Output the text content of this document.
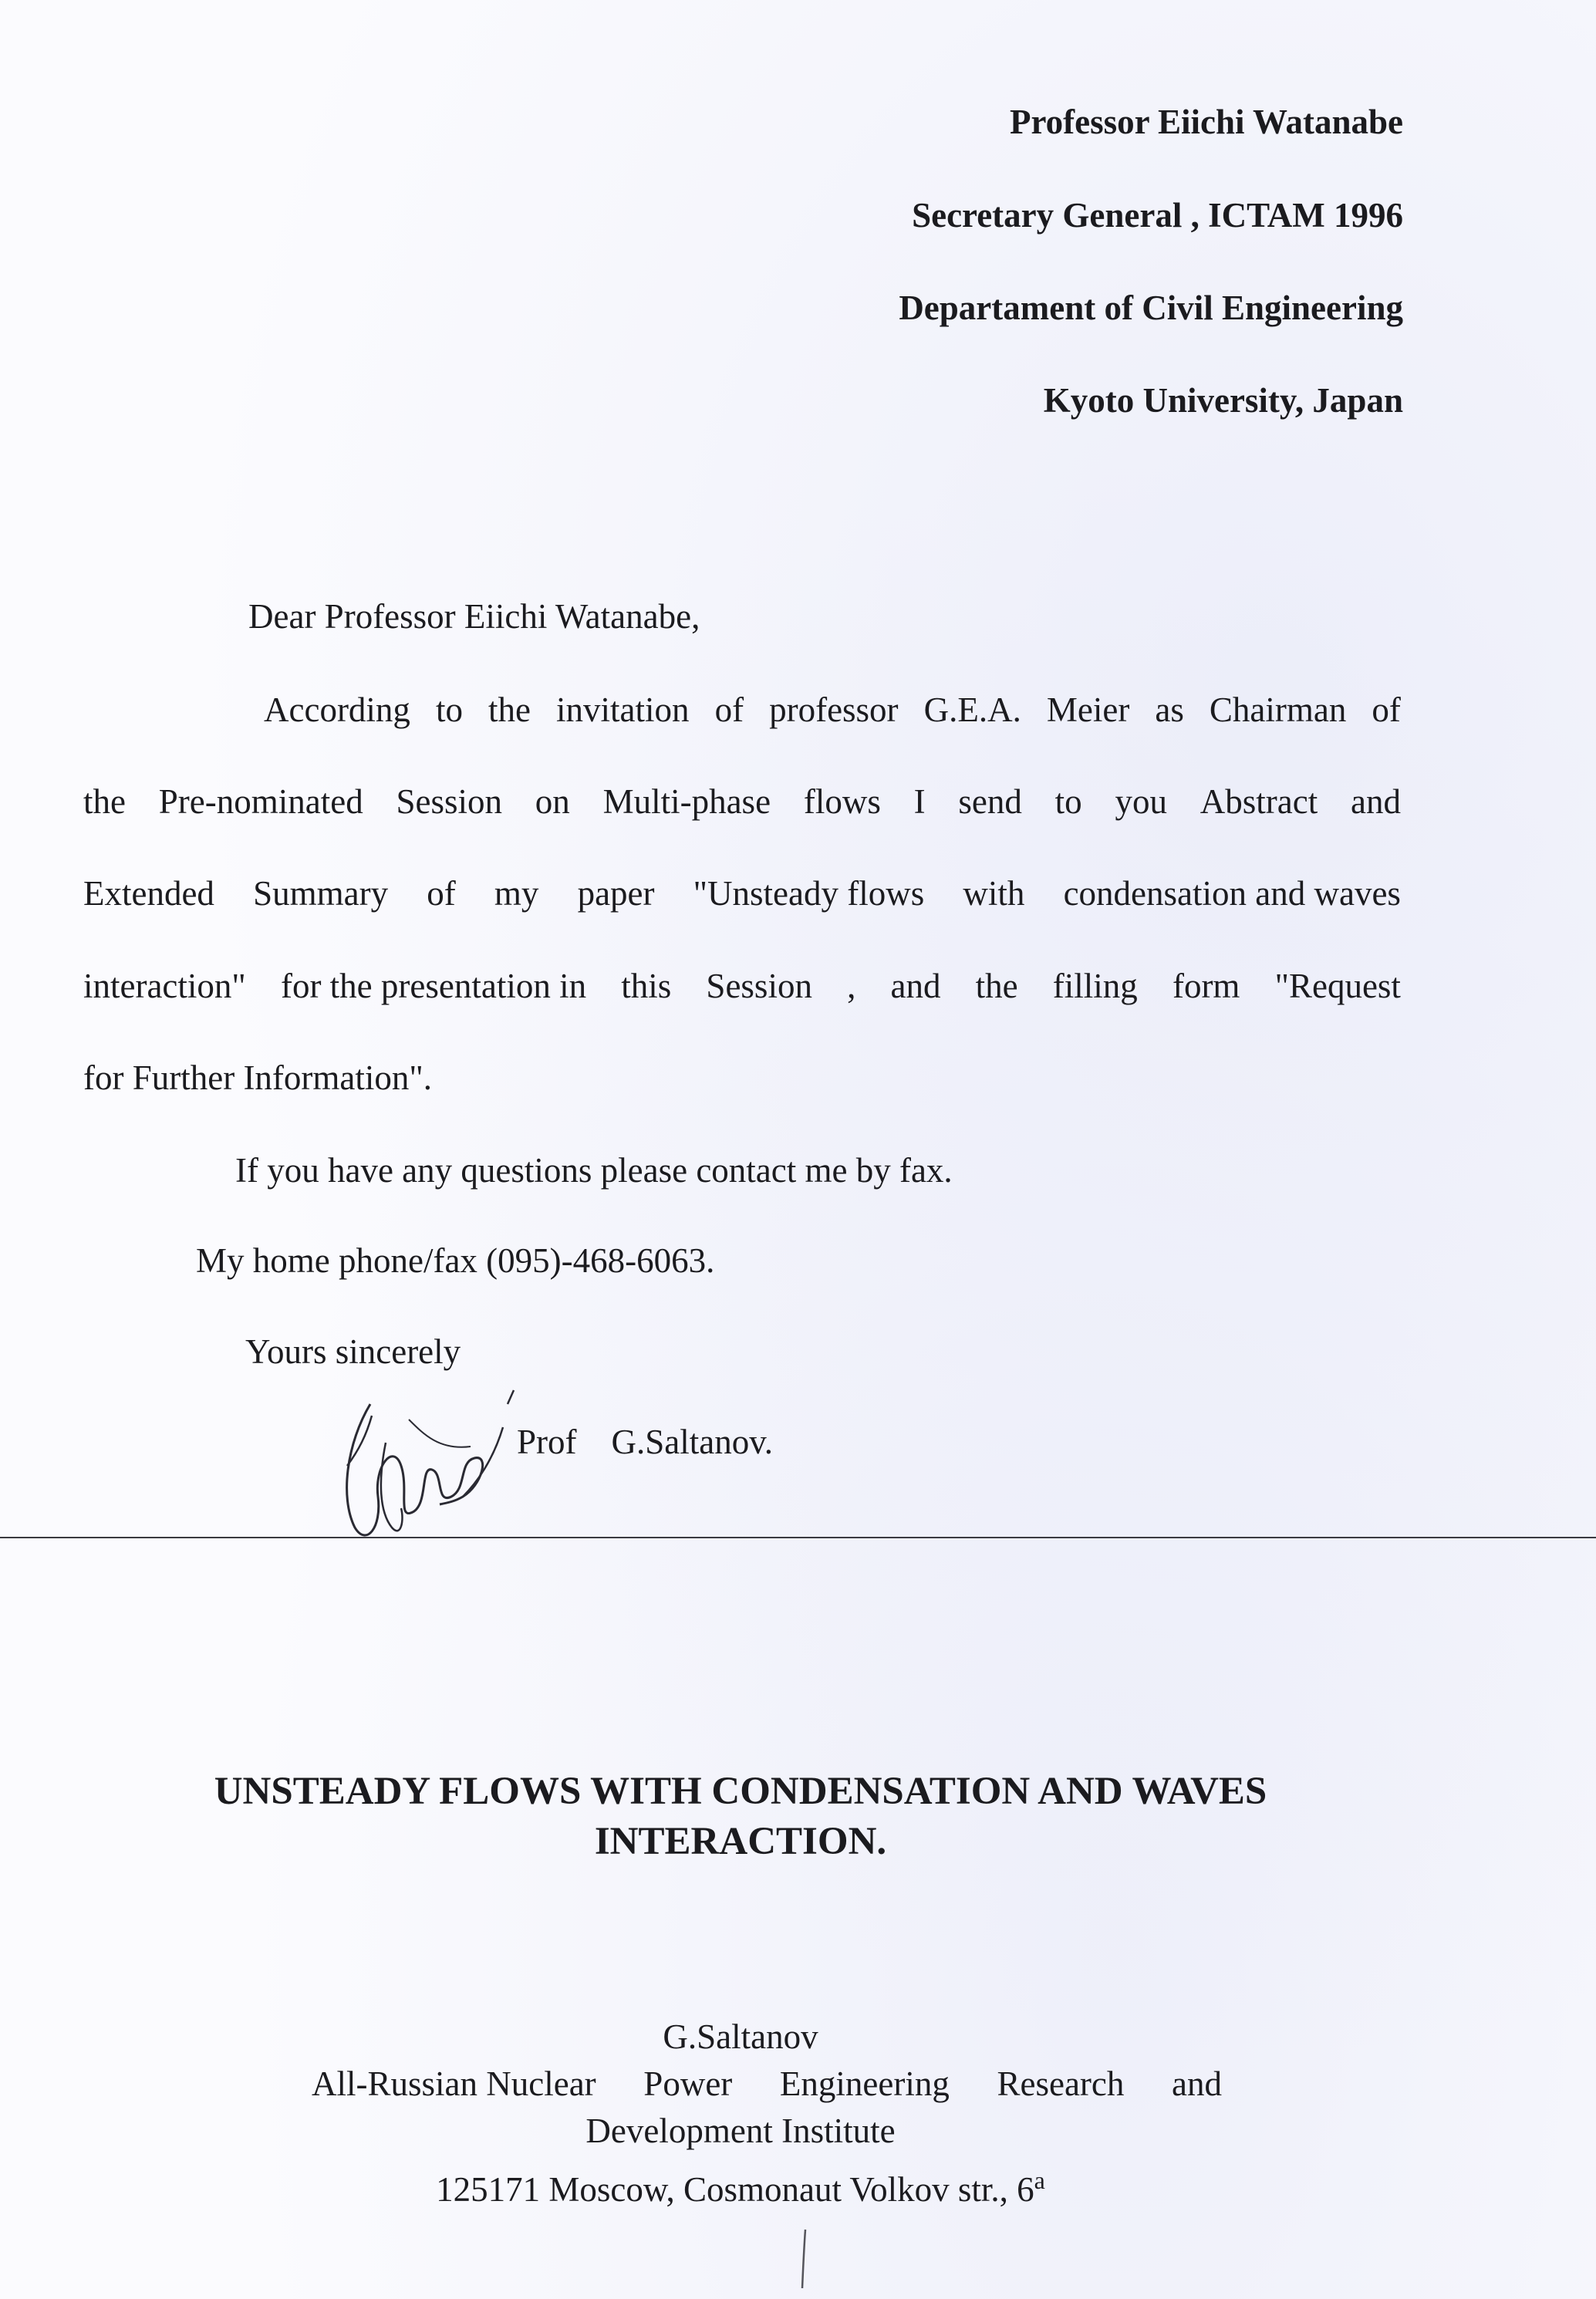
Professor Eiichi Watanabe
Secretary General , ICTAM 1996
Departament of Civil Engineering
Kyoto University, Japan
Dear Professor Eiichi Watanabe,
According to the invitation of professor G.E.A. Meier as Chairman of
the Pre-nominated Session on Multi-phase flows I send to you Abstract and
Extended Summary of my paper "Unsteady flows with condensation and waves
interaction" for the presentation in this Session , and the filling form "Request
for Further Information".
If you have any questions please contact me by fax.
My home phone/fax (095)-468-6063.
Yours sincerely
Prof    G.Saltanov.
UNSTEADY FLOWS WITH CONDENSATION AND WAVES
INTERACTION.
G.Saltanov
All-Russian Nuclear Power Engineering Research and
Development Institute
125171 Moscow, Cosmonaut Volkov str., 6$^a$
